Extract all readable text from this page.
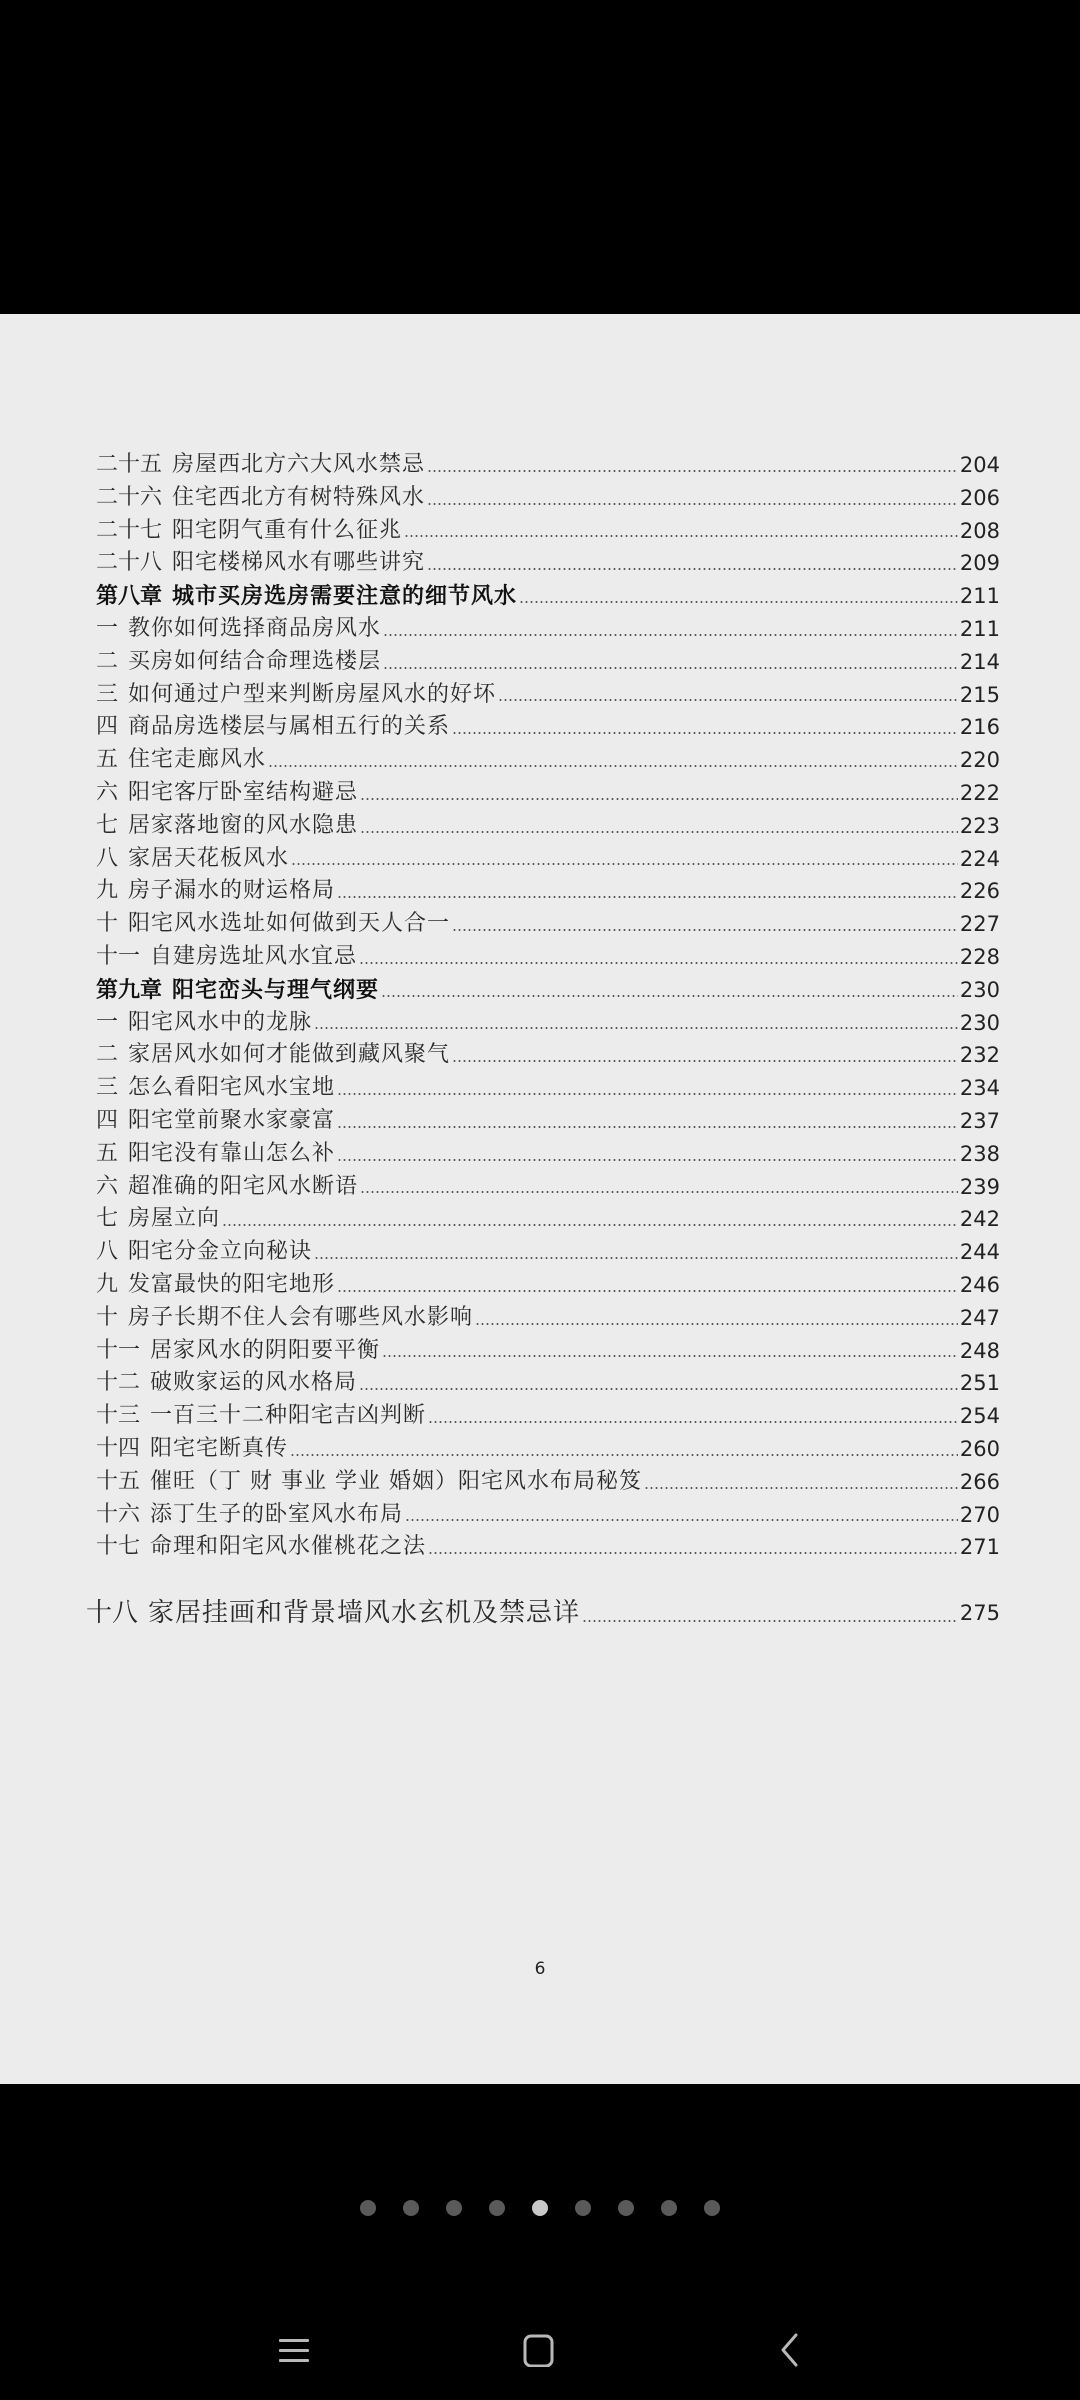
二十五 房屋西北方六大风水禁忌	204
二十六 住宅西北方有树特殊风水	206
二十七 阳宅阴气重有什么征兆	208
二十八 阳宅楼梯风水有哪些讲究	209
第八章 城市买房选房需要注意的细节风水	211
一 教你如何选择商品房风水	211
二 买房如何结合命理选楼层	214
三 如何通过户型来判断房屋风水的好坏	215
四 商品房选楼层与属相五行的关系	216
五 住宅走廊风水	220
六 阳宅客厅卧室结构避忌	222
七 居家落地窗的风水隐患	223
八 家居天花板风水	224
九 房子漏水的财运格局	226
十 阳宅风水选址如何做到天人合一	227
十一 自建房选址风水宜忌	228
第九章 阳宅峦头与理气纲要	230
一 阳宅风水中的龙脉	230
二 家居风水如何才能做到藏风聚气	232
三 怎么看阳宅风水宝地	234
四 阳宅堂前聚水家豪富	237
五 阳宅没有靠山怎么补	238
六 超准确的阳宅风水断语	239
七 房屋立向	242
八 阳宅分金立向秘诀	244
九 发富最快的阳宅地形	246
十 房子长期不住人会有哪些风水影响	247
十一 居家风水的阴阳要平衡	248
十二 破败家运的风水格局	251
十三 一百三十二种阳宅吉凶判断	254
十四 阳宅宅断真传	260
十五 催旺（丁 财 事业 学业 婚姻）阳宅风水布局秘笈	266
十六 添丁生子的卧室风水布局	270
十七 命理和阳宅风水催桃花之法	271
十八 家居挂画和背景墙风水玄机及禁忌详	275
6
